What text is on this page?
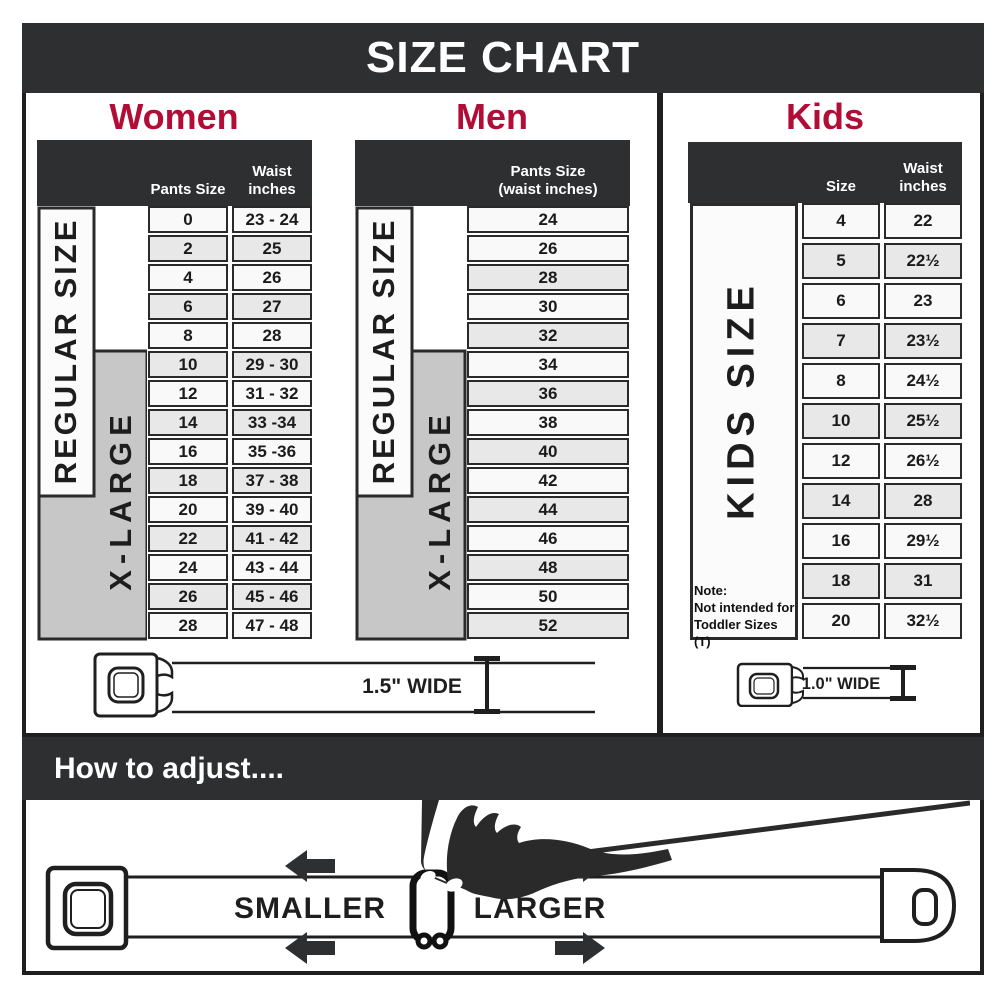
SIZE CHART
Women	Men	Kids
Pants Size
Waist
inches
Pants Size
(waist inches)	Size
Waist
inches
REGULAR SIZE
X-LARGE
REGULAR SIZE
X-LARGE	KIDS SIZE
Note:
Not intended for
Toddler Sizes (T)
0	23 - 24
2	25
4	26
6	27
8	28
10	29 - 30
12	31 - 32
14	33 -34
16	35 -36
18	37 - 38
20	39 - 40
22	41 - 42
24	43 - 44
26	45 - 46
28	47 - 48
24
26
28
30
32
34
36
38
40
42
44
46
48
50
52
4	22
5	22½
6	23
7	23½
8	24½
10	25½
12	26½
14	28
16	29½
18	31
20	32½
1.5" WIDE	1.0" WIDE
How to adjust....
SMALLER	LARGER
